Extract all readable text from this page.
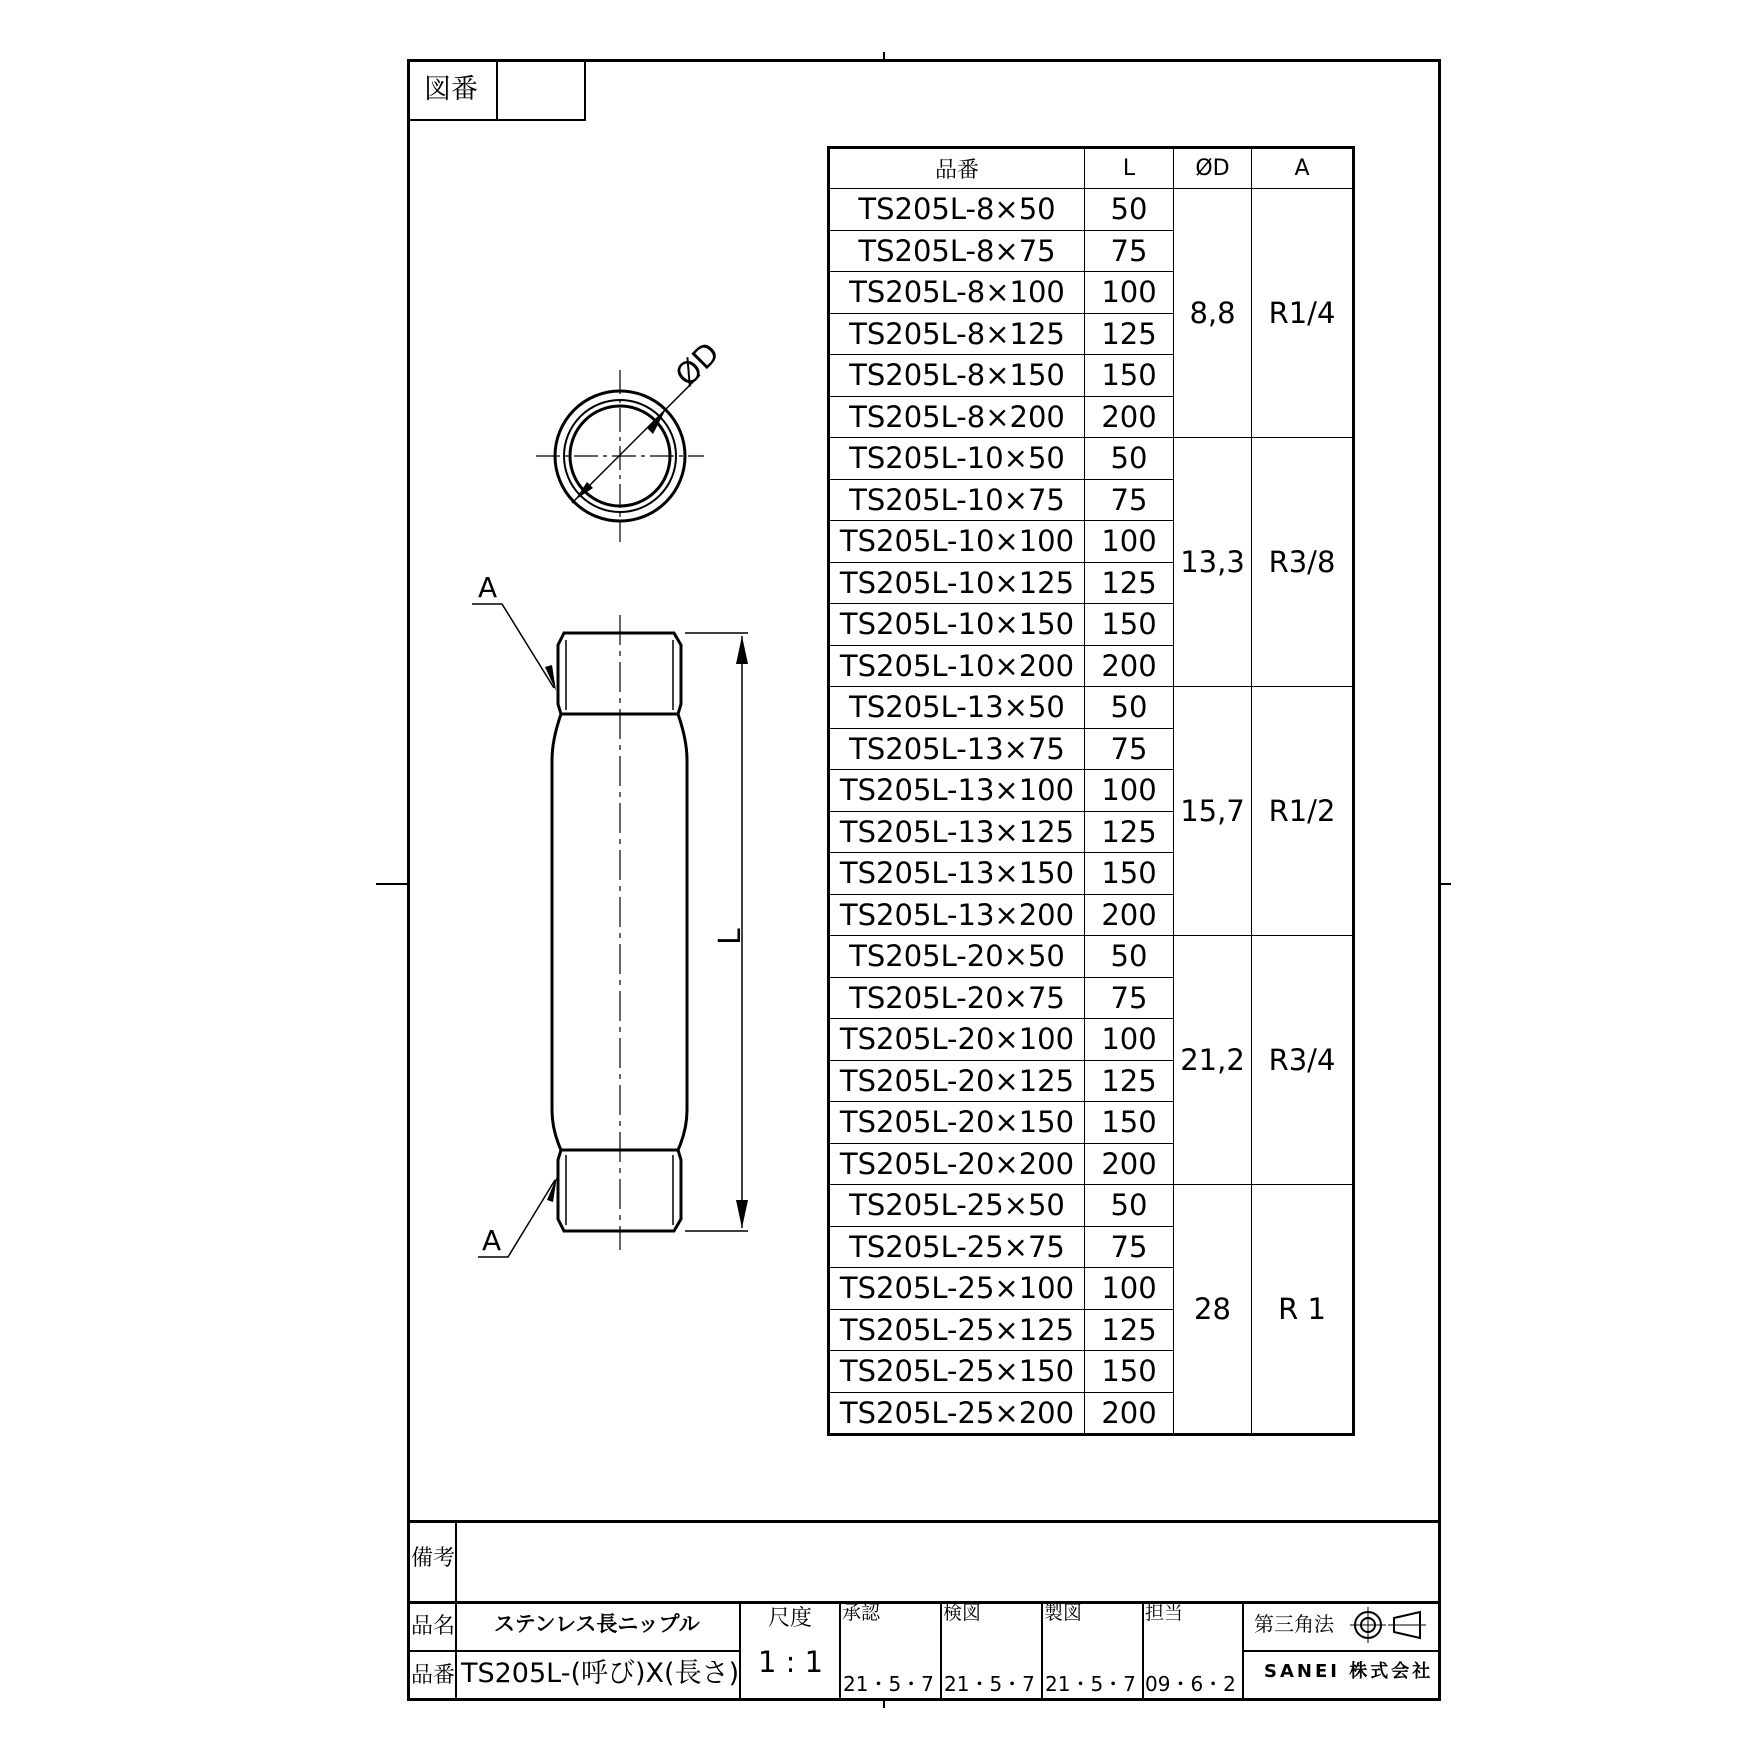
図番
品番	L	ØD	A
TS205L-8×50	50	8,8	R1/4
TS205L-8×75	75		
TS205L-8×100	100		
TS205L-8×125	125		
TS205L-8×150	150		
TS205L-8×200	200		
TS205L-10×50	50	13,3	R3/8
TS205L-10×75	75		
TS205L-10×100	100		
TS205L-10×125	125		
TS205L-10×150	150		
TS205L-10×200	200		
TS205L-13×50	50	15,7	R1/2
TS205L-13×75	75		
TS205L-13×100	100		
TS205L-13×125	125		
TS205L-13×150	150		
TS205L-13×200	200		
TS205L-20×50	50	21,2	R3/4
TS205L-20×75	75		
TS205L-20×100	100		
TS205L-20×125	125		
TS205L-20×150	150		
TS205L-20×200	200		
TS205L-25×50	50	28	R 1
TS205L-25×75	75		
TS205L-25×100	100		
TS205L-25×125	125		
TS205L-25×150	150		
TS205L-25×200	200		
ØD
L
A
A
備考
品名 ステンレス長ニップル
品番 TS205L-(呼び)X(長さ)
尺度
1 : 1
承認
21・5・7
検図
21・5・7
製図
21・5・7
担当
09・6・2
第三角法
SANEI 株式会社
